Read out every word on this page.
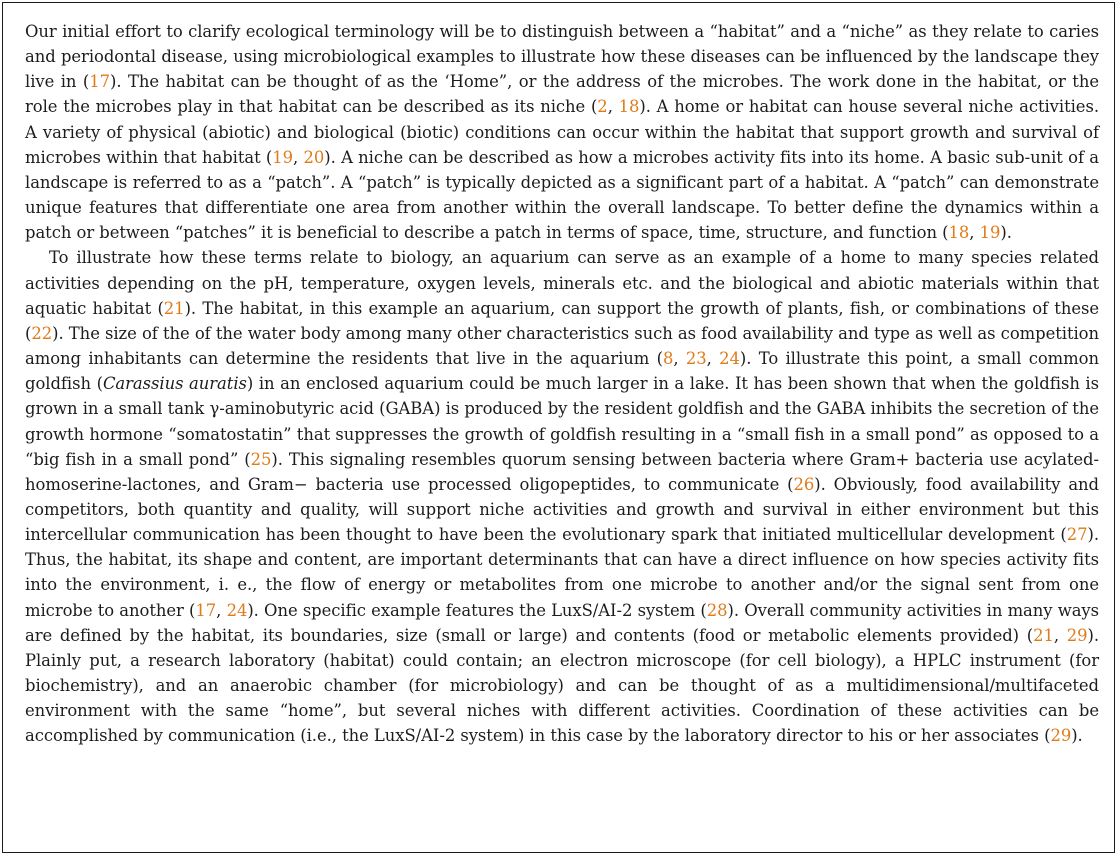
Our initial effort to clarify ecological terminology will be to distinguish between a “habitat” and a “niche” as they relate to caries and periodontal disease, using microbiological examples to illustrate how these diseases can be influenced by the landscape they live in (17). The habitat can be thought of as the ‘Home”, or the address of the microbes. The work done in the habitat, or the role the microbes play in that habitat can be described as its niche (2, 18). A home or habitat can house several niche activities. A variety of physical (abiotic) and biological (biotic) conditions can occur within the habitat that support growth and survival of microbes within that habitat (19, 20). A niche can be described as how a microbes activity fits into its home. A basic sub-unit of a landscape is referred to as a “patch”. A “patch” is typically depicted as a significant part of a habitat. A “patch” can demonstrate unique features that differentiate one area from another within the overall landscape. To better define the dynamics within a patch or between “patches” it is beneficial to describe a patch in terms of space, time, structure, and function (18, 19).

To illustrate how these terms relate to biology, an aquarium can serve as an example of a home to many species related activities depending on the pH, temperature, oxygen levels, minerals etc. and the biological and abiotic materials within that aquatic habitat (21). The habitat, in this example an aquarium, can support the growth of plants, fish, or combinations of these (22). The size of the of the water body among many other characteristics such as food availability and type as well as competition among inhabitants can determine the residents that live in the aquarium (8, 23, 24). To illustrate this point, a small common goldfish (Carassius auratis) in an enclosed aquarium could be much larger in a lake. It has been shown that when the goldfish is grown in a small tank γ-aminobutyric acid (GABA) is produced by the resident goldfish and the GABA inhibits the secretion of the growth hormone “somatostatin” that suppresses the growth of goldfish resulting in a “small fish in a small pond” as opposed to a “big fish in a small pond” (25). This signaling resembles quorum sensing between bacteria where Gram+ bacteria use acylated-homoserine-lactones, and Gram− bacteria use processed oligopeptides, to communicate (26). Obviously, food availability and competitors, both quantity and quality, will support niche activities and growth and survival in either environment but this intercellular communication has been thought to have been the evolutionary spark that initiated multicellular development (27). Thus, the habitat, its shape and content, are important determinants that can have a direct influence on how species activity fits into the environment, i. e., the flow of energy or metabolites from one microbe to another and/or the signal sent from one microbe to another (17, 24). One specific example features the LuxS/AI-2 system (28). Overall community activities in many ways are defined by the habitat, its boundaries, size (small or large) and contents (food or metabolic elements provided) (21, 29). Plainly put, a research laboratory (habitat) could contain; an electron microscope (for cell biology), a HPLC instrument (for biochemistry), and an anaerobic chamber (for microbiology) and can be thought of as a multidimensional/multifaceted environment with the same “home”, but several niches with different activities. Coordination of these activities can be accomplished by communication (i.e., the LuxS/AI-2 system) in this case by the laboratory director to his or her associates (29).
